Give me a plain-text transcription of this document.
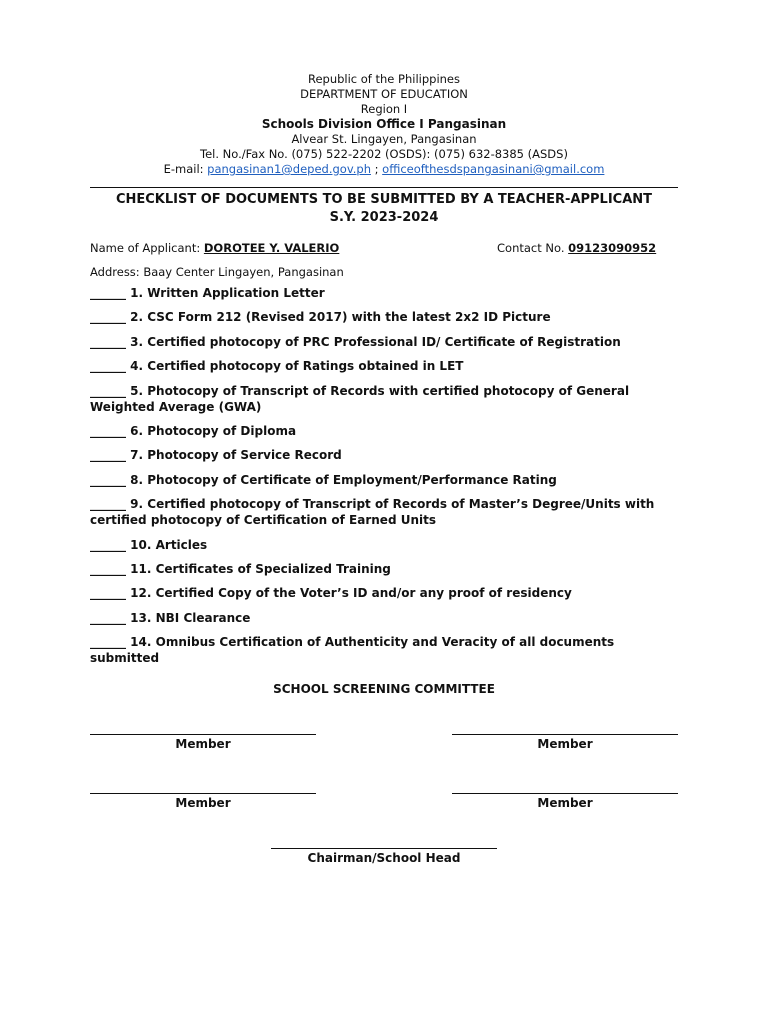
Republic of the Philippines
DEPARTMENT OF EDUCATION
Region I
Schools Division Office I Pangasinan
Alvear St. Lingayen, Pangasinan
Tel. No./Fax No. (075) 522-2202 (OSDS): (075) 632-8385 (ASDS)
E-mail: pangasinan1@deped.gov.ph ; officeofthesdspangasinani@gmail.com
CHECKLIST OF DOCUMENTS TO BE SUBMITTED BY A TEACHER-APPLICANT
S.Y. 2023-2024
Name of Applicant: DOROTEE Y. VALERIO	Contact No. 09123090952
Address: Baay Center Lingayen, Pangasinan
______ 1. Written Application Letter
______ 2. CSC Form 212 (Revised 2017) with the latest 2x2 ID Picture
______ 3. Certified photocopy of PRC Professional ID/ Certificate of Registration
______ 4. Certified photocopy of Ratings obtained in LET
______ 5. Photocopy of Transcript of Records with certified photocopy of General Weighted Average (GWA)
______ 6. Photocopy of Diploma
______ 7. Photocopy of Service Record
______ 8. Photocopy of Certificate of Employment/Performance Rating
______ 9. Certified photocopy of Transcript of Records of Master’s Degree/Units with certified photocopy of Certification of Earned Units
______ 10. Articles
______ 11. Certificates of Specialized Training
______ 12. Certified Copy of the Voter’s ID and/or any proof of residency
______ 13. NBI Clearance
______ 14. Omnibus Certification of Authenticity and Veracity of all documents submitted
SCHOOL SCREENING COMMITTEE
Member	Member
Member	Member
Chairman/School Head
